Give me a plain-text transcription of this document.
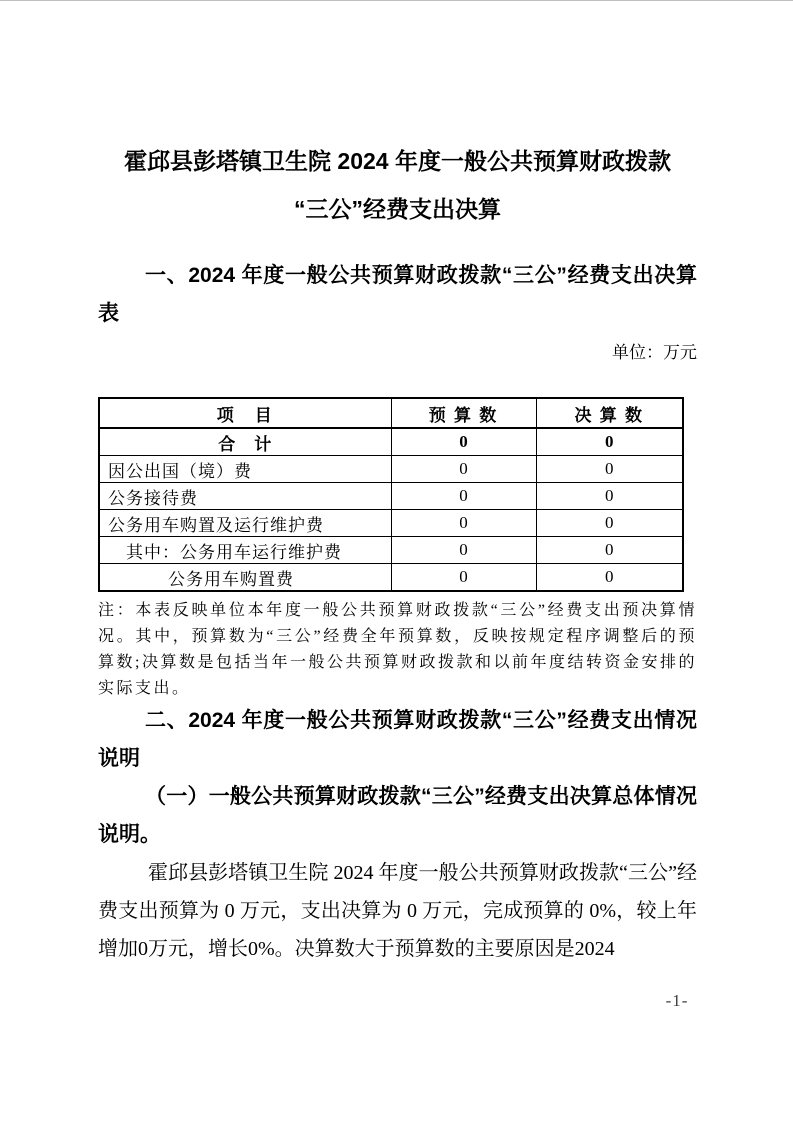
霍邱县彭塔镇卫生院 2024 年度一般公共预算财政拨款
“三公”经费支出决算

一、2024 年度一般公共预算财政拨款“三公”经费支出决算表

单位：万元

项　目	预 算 数	决 算 数
合　计	0	0
因公出国（境）费	0	0
公务接待费	0	0
公务用车购置及运行维护费	0	0
其中：公务用车运行维护费	0	0
公务用车购置费	0	0

注：本表反映单位本年度一般公共预算财政拨款“三公”经费支出预决算情况。其中，预算数为“三公”经费全年预算数，反映按规定程序调整后的预算数;决算数是包括当年一般公共预算财政拨款和以前年度结转资金安排的实际支出。

二、2024 年度一般公共预算财政拨款“三公”经费支出情况说明

（一）一般公共预算财政拨款“三公”经费支出决算总体情况说明。

霍邱县彭塔镇卫生院 2024 年度一般公共预算财政拨款“三公”经费支出预算为 0 万元，支出决算为 0 万元，完成预算的 0%，较上年增加0万元，增长0%。决算数大于预算数的主要原因是2024

-1-
